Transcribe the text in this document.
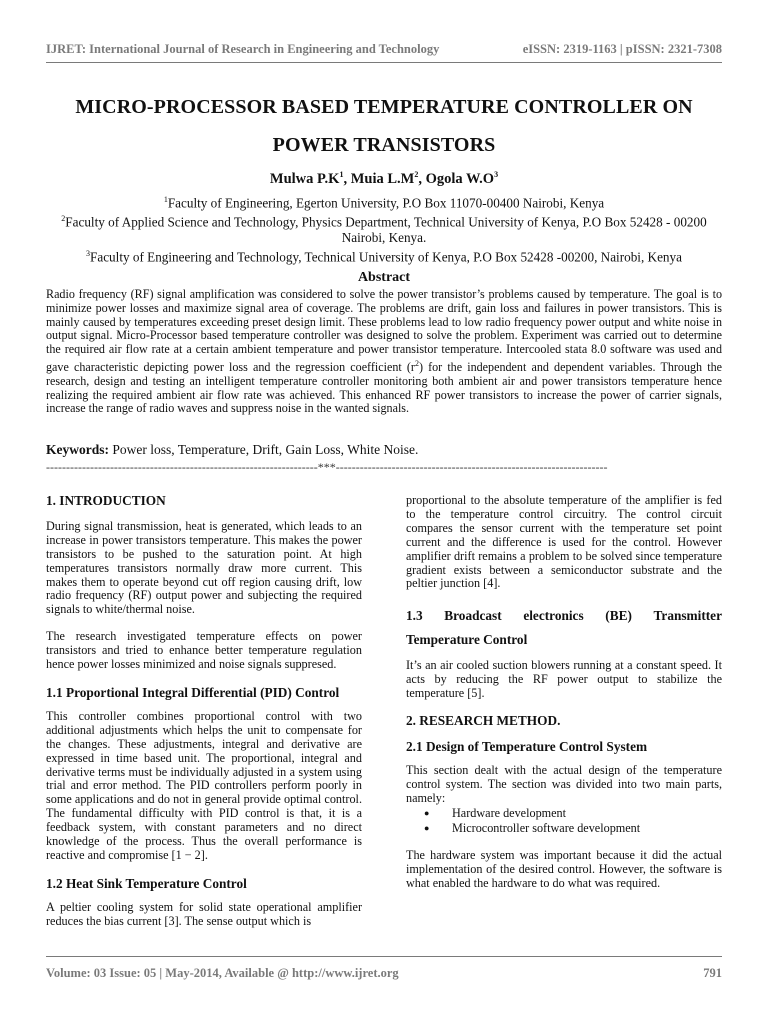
IJRET: International Journal of Research in Engineering and Technology	eISSN: 2319-1163 | pISSN: 2321-7308
MICRO-PROCESSOR BASED TEMPERATURE CONTROLLER ON
POWER TRANSISTORS
Mulwa $P.K^1$, Muia $L.M^2$, Ogola $W.O^3$
$^1$Faculty of Engineering, Egerton University, P.O Box 11070-00400 Nairobi, Kenya
$^2$Faculty of Applied Science and Technology, Physics Department, Technical University of Kenya, P.O Box 52428 - 00200 Nairobi, Kenya.
$^3$Faculty of Engineering and Technology, Technical University of Kenya, P.O Box 52428 -00200, Nairobi, Kenya
Abstract
Radio frequency (RF) signal amplification was considered to solve the power transistor’s problems caused by temperature. The goal is to minimize power losses and maximize signal area of coverage. The problems are drift, gain loss and failures in power transistors. This is mainly caused by temperatures exceeding preset design limit. These problems lead to low radio frequency power output and white noise in output signal. Micro-Processor based temperature controller was designed to solve the problem. Experiment was carried out to determine the required air flow rate at a certain ambient temperature and power transistor temperature. Intercooled stata 8.0 software was used and gave characteristic depicting power loss and the regression coefficient $(r^2)$ for the independent and dependent variables. Through the research, design and testing an intelligent temperature controller monitoring both ambient air and power transistors temperature hence realizing the required ambient air flow rate was achieved. This enhanced RF power transistors to increase the power of carrier signals, increase the range of radio waves and suppress noise in the wanted signals.
Keywords: Power loss, Temperature, Drift, Gain Loss, White Noise.
--------------------------------------------------------------------***--------------------------------------------------------------------
1. INTRODUCTION

During signal transmission, heat is generated, which leads to an increase in power transistors temperature. This makes the power transistors to be pushed to the saturation point. At high temperatures transistors normally draw more current. This makes them to operate beyond cut off region causing drift, low radio frequency (RF) output power and subjecting the required signals to white/thermal noise.

The research investigated temperature effects on power transistors and tried to enhance better temperature regulation hence power losses minimized and noise signals suppresed.

1.1 Proportional Integral Differential (PID) Control

This controller combines proportional control with two additional adjustments which helps the unit to compensate for the changes. These adjustments, integral and derivative are expressed in time based unit. The proportional, integral and derivative terms must be individually adjusted in a system using trial and error method. The PID controllers perform poorly in some applications and do not in general provide optimal control. The fundamental difficulty with PID control is that, it is a feedback system, with constant parameters and no direct knowledge of the process. Thus the overall performance is reactive and compromise [1 − 2].

1.2 Heat Sink Temperature Control

A peltier cooling system for solid state operational amplifier reduces the bias current [3]. The sense output which is

proportional to the absolute temperature of the amplifier is fed to the temperature control circuitry. The control circuit compares the sensor current with the temperature set point current and the difference is used for the control. However amplifier drift remains a problem to be solved since temperature gradient exists between a semiconductor substrate and the peltier junction [4].

1.3 Broadcast electronics (BE) Transmitter
Temperature Control

It’s an air cooled suction blowers running at a constant speed. It acts by reducing the RF power output to stabilize the temperature [5].

2. RESEARCH METHOD.
2.1 Design of Temperature Control System

This section dealt with the actual design of the temperature control system. The section was divided into two main parts, namely:

● Hardware development
● Microcontroller software development

The hardware system was important because it did the actual implementation of the desired control. However, the software is what enabled the hardware to do what was required.

Volume: 03 Issue: 05 | May-2014, Available @ http://www.ijret.org	791
